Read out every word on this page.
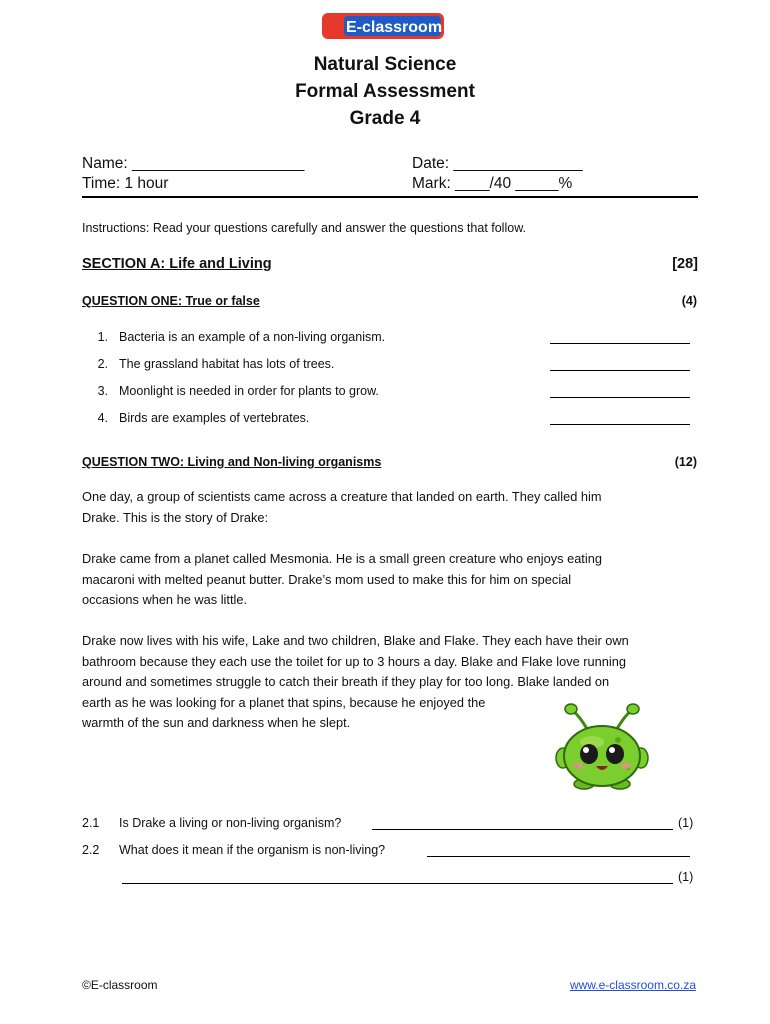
E-classroom
Natural Science
Formal Assessment
Grade 4
Name: ____________________	Date: _______________
Time: 1 hour	Mark: ____/40 _____%
Instructions: Read your questions carefully and answer the questions that follow.
SECTION A: Life and Living	[28]
QUESTION ONE: True or false	(4)
1. Bacteria is an example of a non-living organism.
2. The grassland habitat has lots of trees.
3. Moonlight is needed in order for plants to grow.
4. Birds are examples of vertebrates.
QUESTION TWO: Living and Non-living organisms	(12)
One day, a group of scientists came across a creature that landed on earth. They called him
Drake. This is the story of Drake:
Drake came from a planet called Mesmonia. He is a small green creature who enjoys eating
macaroni with melted peanut butter. Drake’s mom used to make this for him on special
occasions when he was little.
Drake now lives with his wife, Lake and two children, Blake and Flake. They each have their own
bathroom because they each use the toilet for up to 3 hours a day. Blake and Flake love running
around and sometimes struggle to catch their breath if they play for too long. Blake landed on
earth as he was looking for a planet that spins, because he enjoyed the
warmth of the sun and darkness when he slept.
2.1 Is Drake a living or non-living organism?	(1)
2.2 What does it mean if the organism is non-living?
(1)
©E-classroom	www.e-classroom.co.za
